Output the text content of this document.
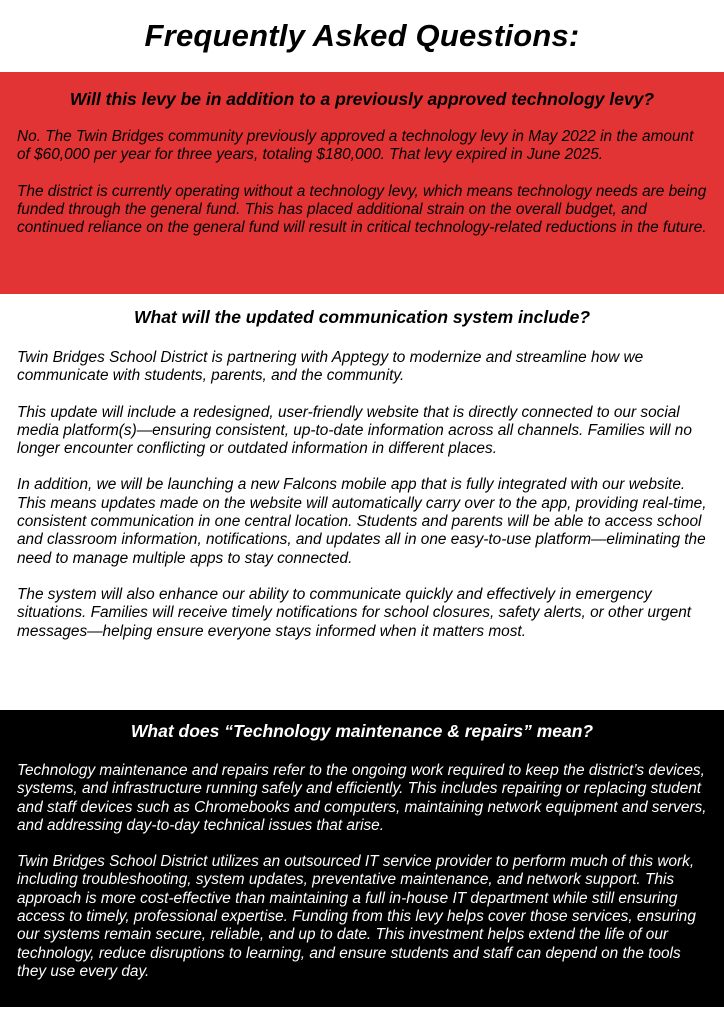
Frequently Asked Questions:
Will this levy be in addition to a previously approved technology levy?

No. The Twin Bridges community previously approved a technology levy in May 2022 in the amount of $60,000 per year for three years, totaling $180,000. That levy expired in June 2025.

The district is currently operating without a technology levy, which means technology needs are being funded through the general fund. This has placed additional strain on the overall budget, and continued reliance on the general fund will result in critical technology-related reductions in the future.

What will the updated communication system include?

Twin Bridges School District is partnering with Apptegy to modernize and streamline how we communicate with students, parents, and the community.

This update will include a redesigned, user-friendly website that is directly connected to our social media platform(s)—ensuring consistent, up-to-date information across all channels. Families will no longer encounter conflicting or outdated information in different places.

In addition, we will be launching a new Falcons mobile app that is fully integrated with our website. This means updates made on the website will automatically carry over to the app, providing real-time, consistent communication in one central location. Students and parents will be able to access school and classroom information, notifications, and updates all in one easy-to-use platform—eliminating the need to manage multiple apps to stay connected.

The system will also enhance our ability to communicate quickly and effectively in emergency situations. Families will receive timely notifications for school closures, safety alerts, or other urgent messages—helping ensure everyone stays informed when it matters most.

What does “Technology maintenance & repairs” mean?

Technology maintenance and repairs refer to the ongoing work required to keep the district’s devices, systems, and infrastructure running safely and efficiently. This includes repairing or replacing student and staff devices such as Chromebooks and computers, maintaining network equipment and servers, and addressing day-to-day technical issues that arise.

Twin Bridges School District utilizes an outsourced IT service provider to perform much of this work, including troubleshooting, system updates, preventative maintenance, and network support. This approach is more cost-effective than maintaining a full in-house IT department while still ensuring access to timely, professional expertise. Funding from this levy helps cover those services, ensuring our systems remain secure, reliable, and up to date. This investment helps extend the life of our technology, reduce disruptions to learning, and ensure students and staff can depend on the tools they use every day.
